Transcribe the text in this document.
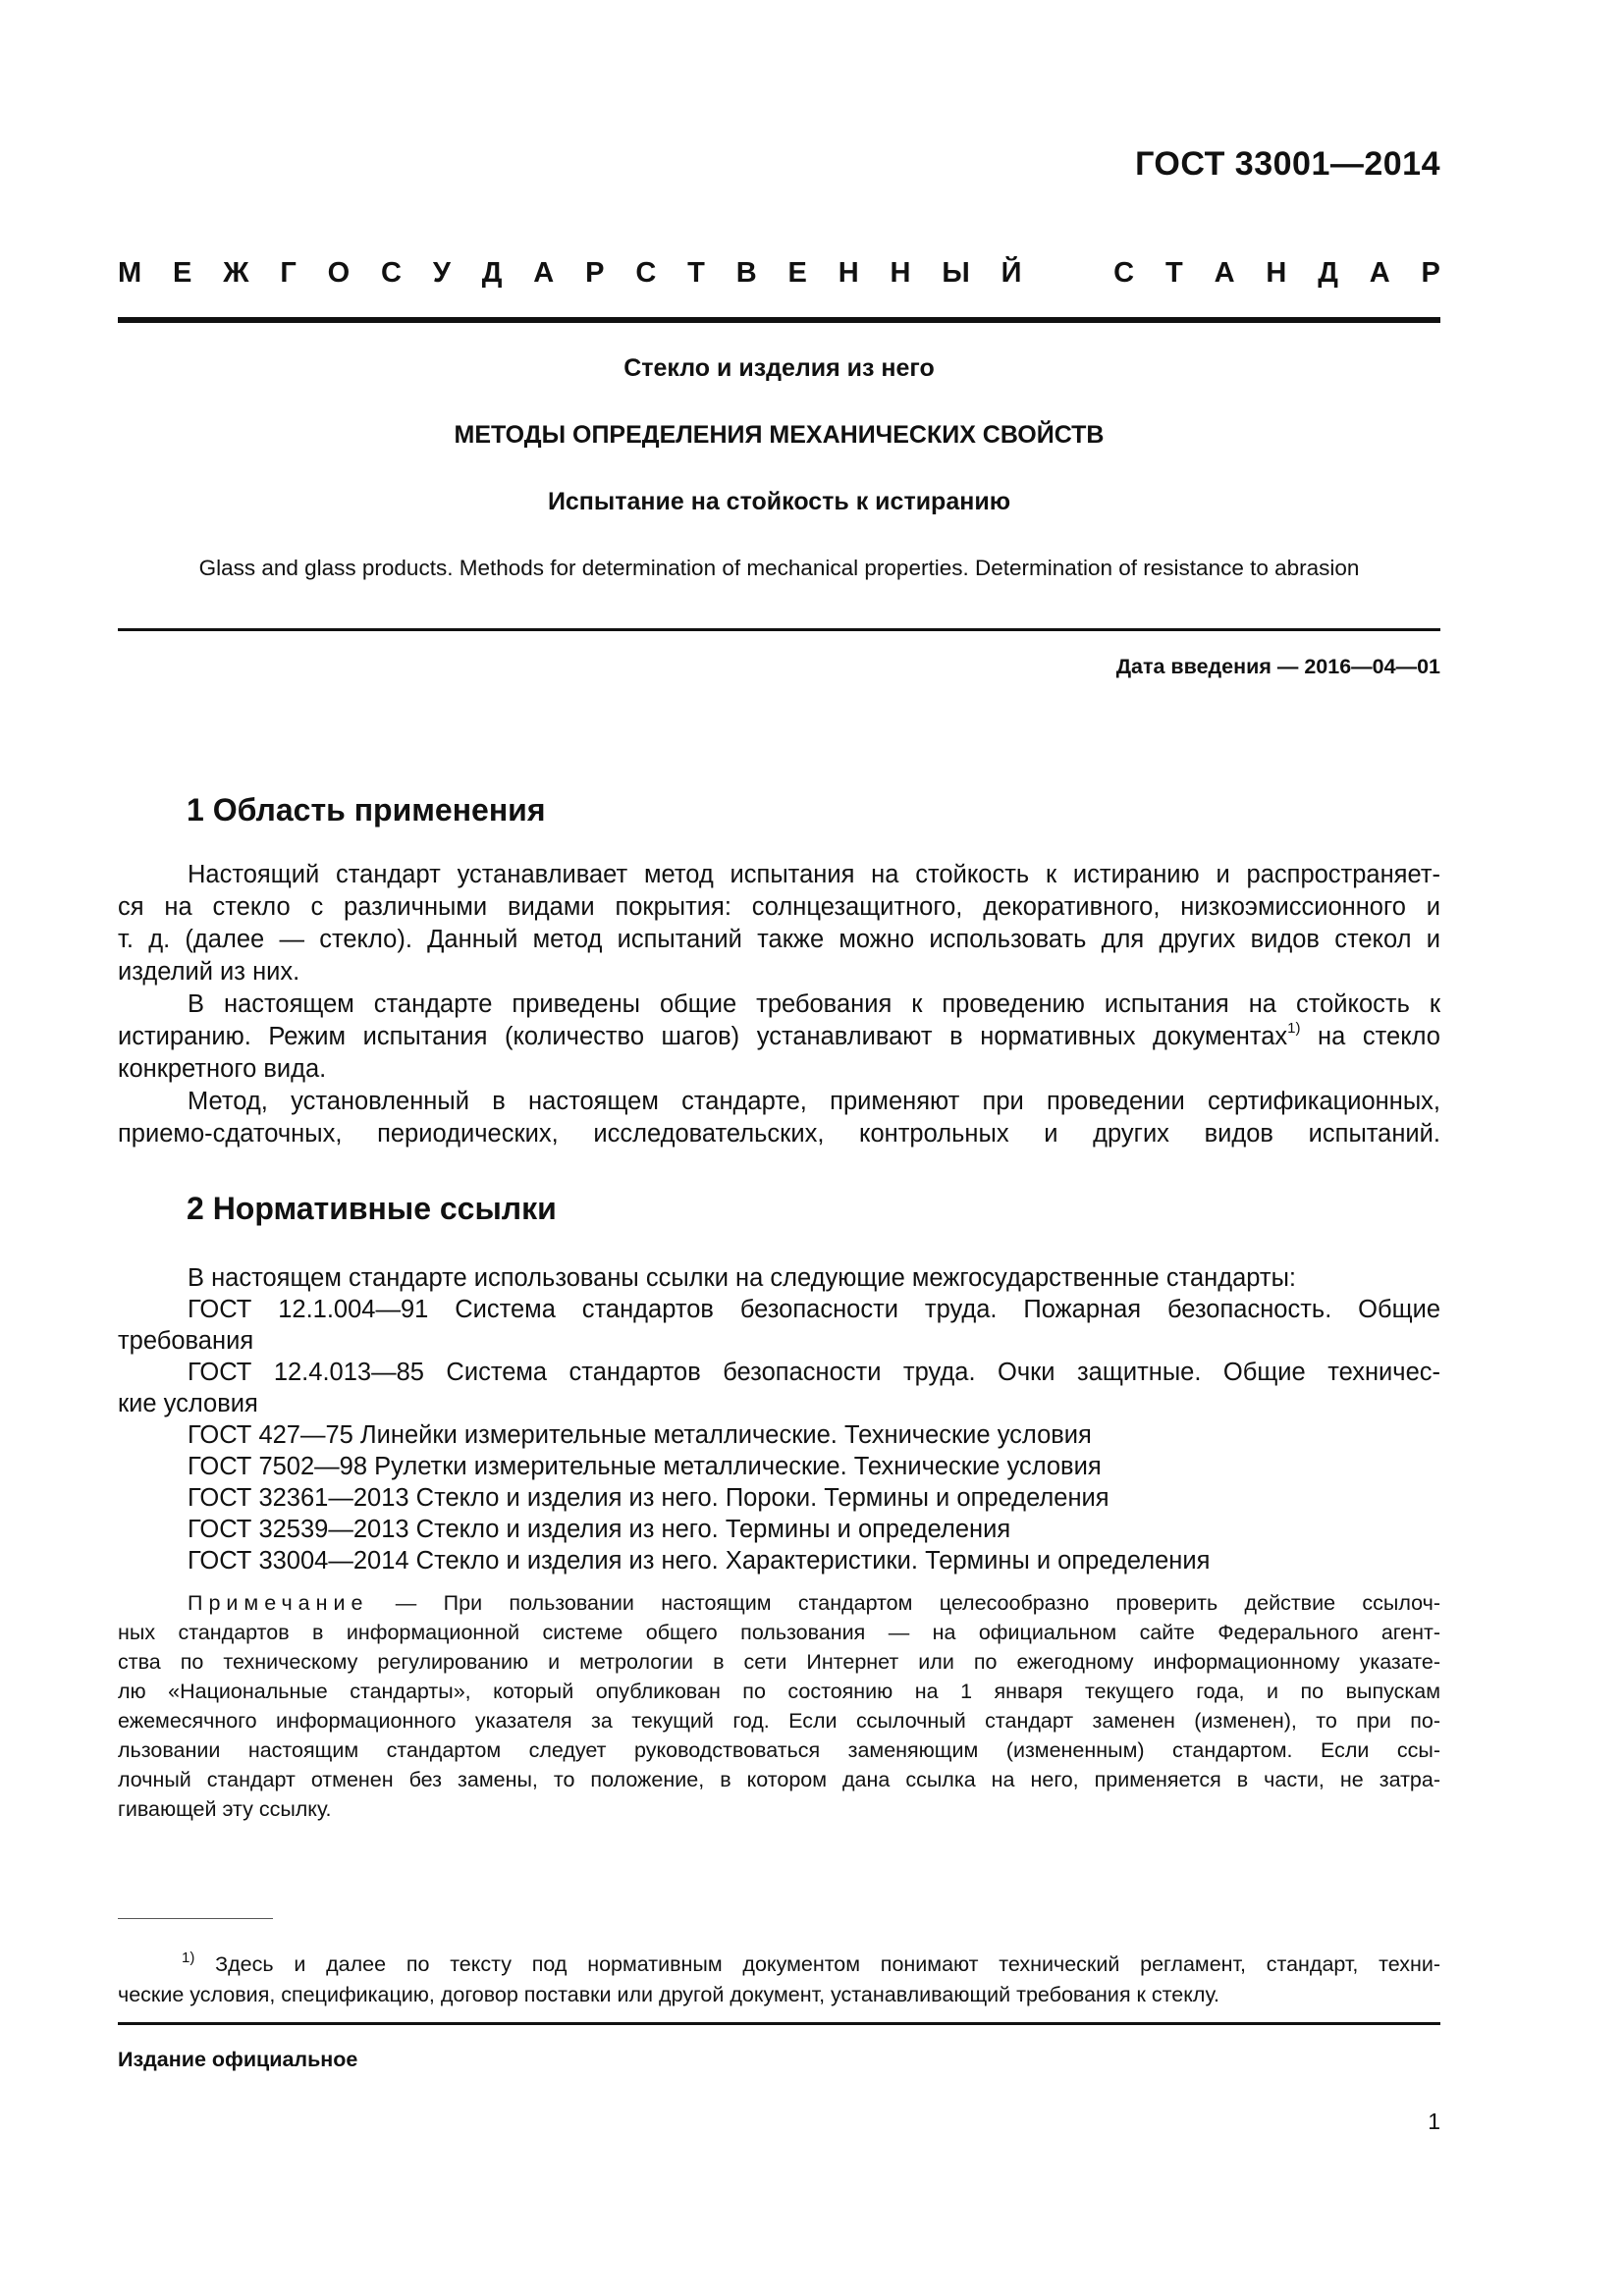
ГОСТ 33001—2014
М Е Ж Г О С У Д А Р С Т В Е Н Н Ы Й	С Т А Н Д А Р
Стекло и изделия из него
МЕТОДЫ ОПРЕДЕЛЕНИЯ МЕХАНИЧЕСКИХ СВОЙСТВ
Испытание на стойкость к истиранию
Glass and glass products. Methods for determination of mechanical properties. Determination of resistance to abrasion
Дата введения — 2016—04—01
1 Область применения
Настоящий стандарт устанавливает метод испытания на стойкость к истиранию и распространяет-
ся на стекло с различными видами покрытия: солнцезащитного, декоративного, низкоэмиссионного и
т. д. (далее — стекло). Данный метод испытаний также можно использовать для других видов стекол и
изделий из них.
В настоящем стандарте приведены общие требования к проведению испытания на стойкость к
истиранию. Режим испытания (количество шагов) устанавливают в нормативных документах$^{1)}$ на стекло
конкретного вида.
Метод, установленный в настоящем стандарте, применяют при проведении сертификационных,
приемо-сдаточных, периодических, исследовательских, контрольных и других видов испытаний.
2 Нормативные ссылки
В настоящем стандарте использованы ссылки на следующие межгосударственные стандарты:
ГОСТ 12.1.004—91 Система стандартов безопасности труда. Пожарная безопасность. Общие
требования
ГОСТ 12.4.013—85 Система стандартов безопасности труда. Очки защитные. Общие техничес-
кие условия
ГОСТ 427—75 Линейки измерительные металлические. Технические условия
ГОСТ 7502—98 Рулетки измерительные металлические. Технические условия
ГОСТ 32361—2013 Стекло и изделия из него. Пороки. Термины и определения
ГОСТ 32539—2013 Стекло и изделия из него. Термины и определения
ГОСТ 33004—2014 Стекло и изделия из него. Характеристики. Термины и определения
Примечание — При пользовании настоящим стандартом целесообразно проверить действие ссылоч-
ных стандартов в информационной системе общего пользования — на официальном сайте Федерального агент-
ства по техническому регулированию и метрологии в сети Интернет или по ежегодному информационному указате-
лю «Национальные стандарты», который опубликован по состоянию на 1 января текущего года, и по выпускам
ежемесячного информационного указателя за текущий год. Если ссылочный стандарт заменен (изменен), то при по-
льзовании настоящим стандартом следует руководствоваться заменяющим (измененным) стандартом. Если ссы-
лочный стандарт отменен без замены, то положение, в котором дана ссылка на него, применяется в части, не затра-
гивающей эту ссылку.
$^{1)}$ Здесь и далее по тексту под нормативным документом понимают технический регламент, стандарт, техни-
ческие условия, спецификацию, договор поставки или другой документ, устанавливающий требования к стеклу.
Издание официальное
1
